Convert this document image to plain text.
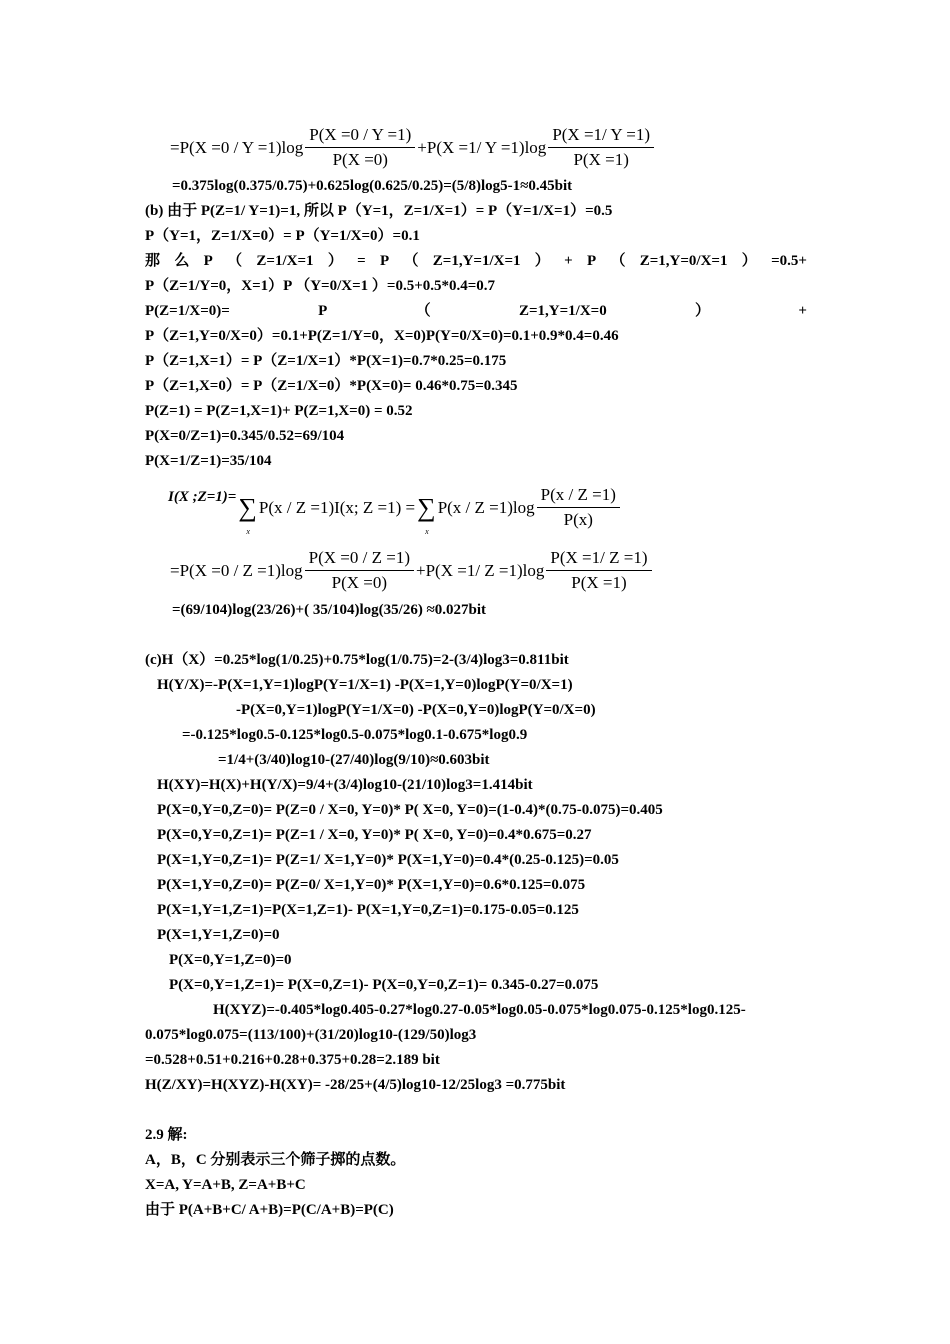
= $P(X =0 / Y =1)\log \frac{P(X =0 / Y =1)}{P(X =0)} + P(X =1/$ $Y =1)\log \frac{P(X =1/ Y =1)}{P(X =1)}$
=0.375log(0.375/0.75)+0.625log(0.625/0.25)=(5/8)log5-1≈0.45bit
(b) 由于 P(Z=1/ Y=1)=1, 所以 P（Y=1，Z=1/X=1）= P（Y=1/X=1）=0.5
P（Y=1，Z=1/X=0）= P（Y=1/X=0）=0.1
那 么 P （ Z=1/X=1 ） = P （ Z=1,Y=1/X=1 ） + P （ Z=1,Y=0/X=1 ） =0.5+
P（Z=1/Y=0，X=1）P （Y=0/X=1 ）=0.5+0.5*0.4=0.7
P(Z=1/X=0)=	P	（	Z=1,Y=1/X=0	）	+
P（Z=1,Y=0/X=0）=0.1+P(Z=1/Y=0，X=0)P(Y=0/X=0)=0.1+0.9*0.4=0.46
P（Z=1,X=1）= P（Z=1/X=1）*P(X=1)=0.7*0.25=0.175
P（Z=1,X=0）= P（Z=1/X=0）*P(X=0)= 0.46*0.75=0.345
P(Z=1) = P(Z=1,X=1)+ P(Z=1,X=0) = 0.52
P(X=0/Z=1)=0.345/0.52=69/104
P(X=1/Z=1)=35/104
I(X ;Z=1)= ∑
x
P(x / Z =1)I(x; Z =1) = ∑
x
$P(x / Z =1)\log \frac{P(x / Z =1)}{P(x)}$
= $P(X =0 / Z =1)\log \frac{P(X =0 / Z =1)}{P(X =0)} + P(X =1/$ $Z =1)\log \frac{P(X =1/ Z =1)}{P(X =1)}$
=(69/104)log(23/26)+( 35/104)log(35/26) ≈0.027bit
(c)H（X）=0.25*log(1/0.25)+0.75*log(1/0.75)=2-(3/4)log3=0.811bit
H(Y/X)=-P(X=1,Y=1)logP(Y=1/X=1) -P(X=1,Y=0)logP(Y=0/X=1)
-P(X=0,Y=1)logP(Y=1/X=0) -P(X=0,Y=0)logP(Y=0/X=0)
=-0.125*log0.5-0.125*log0.5-0.075*log0.1-0.675*log0.9
=1/4+(3/40)log10-(27/40)log(9/10)≈0.603bit
H(XY)=H(X)+H(Y/X)=9/4+(3/4)log10-(21/10)log3=1.414bit
P(X=0,Y=0,Z=0)= P(Z=0 / X=0, Y=0)* P( X=0, Y=0)=(1-0.4)*(0.75-0.075)=0.405
P(X=0,Y=0,Z=1)= P(Z=1 / X=0, Y=0)* P( X=0, Y=0)=0.4*0.675=0.27
P(X=1,Y=0,Z=1)= P(Z=1/ X=1,Y=0)* P(X=1,Y=0)=0.4*(0.25-0.125)=0.05
P(X=1,Y=0,Z=0)= P(Z=0/ X=1,Y=0)* P(X=1,Y=0)=0.6*0.125=0.075
P(X=1,Y=1,Z=1)=P(X=1,Z=1)- P(X=1,Y=0,Z=1)=0.175-0.05=0.125
P(X=1,Y=1,Z=0)=0
P(X=0,Y=1,Z=0)=0
P(X=0,Y=1,Z=1)= P(X=0,Z=1)- P(X=0,Y=0,Z=1)= 0.345-0.27=0.075
H(XYZ)=-0.405*log0.405-0.27*log0.27-0.05*log0.05-0.075*log0.075-0.125*log0.125-
0.075*log0.075=(113/100)+(31/20)log10-(129/50)log3
=0.528+0.51+0.216+0.28+0.375+0.28=2.189 bit
H(Z/XY)=H(XYZ)-H(XY)= -28/25+(4/5)log10-12/25log3 =0.775bit
2.9 解:
A，B，C 分别表示三个筛子掷的点数。
X=A, Y=A+B, Z=A+B+C
由于 P(A+B+C/ A+B)=P(C/A+B)=P(C)
